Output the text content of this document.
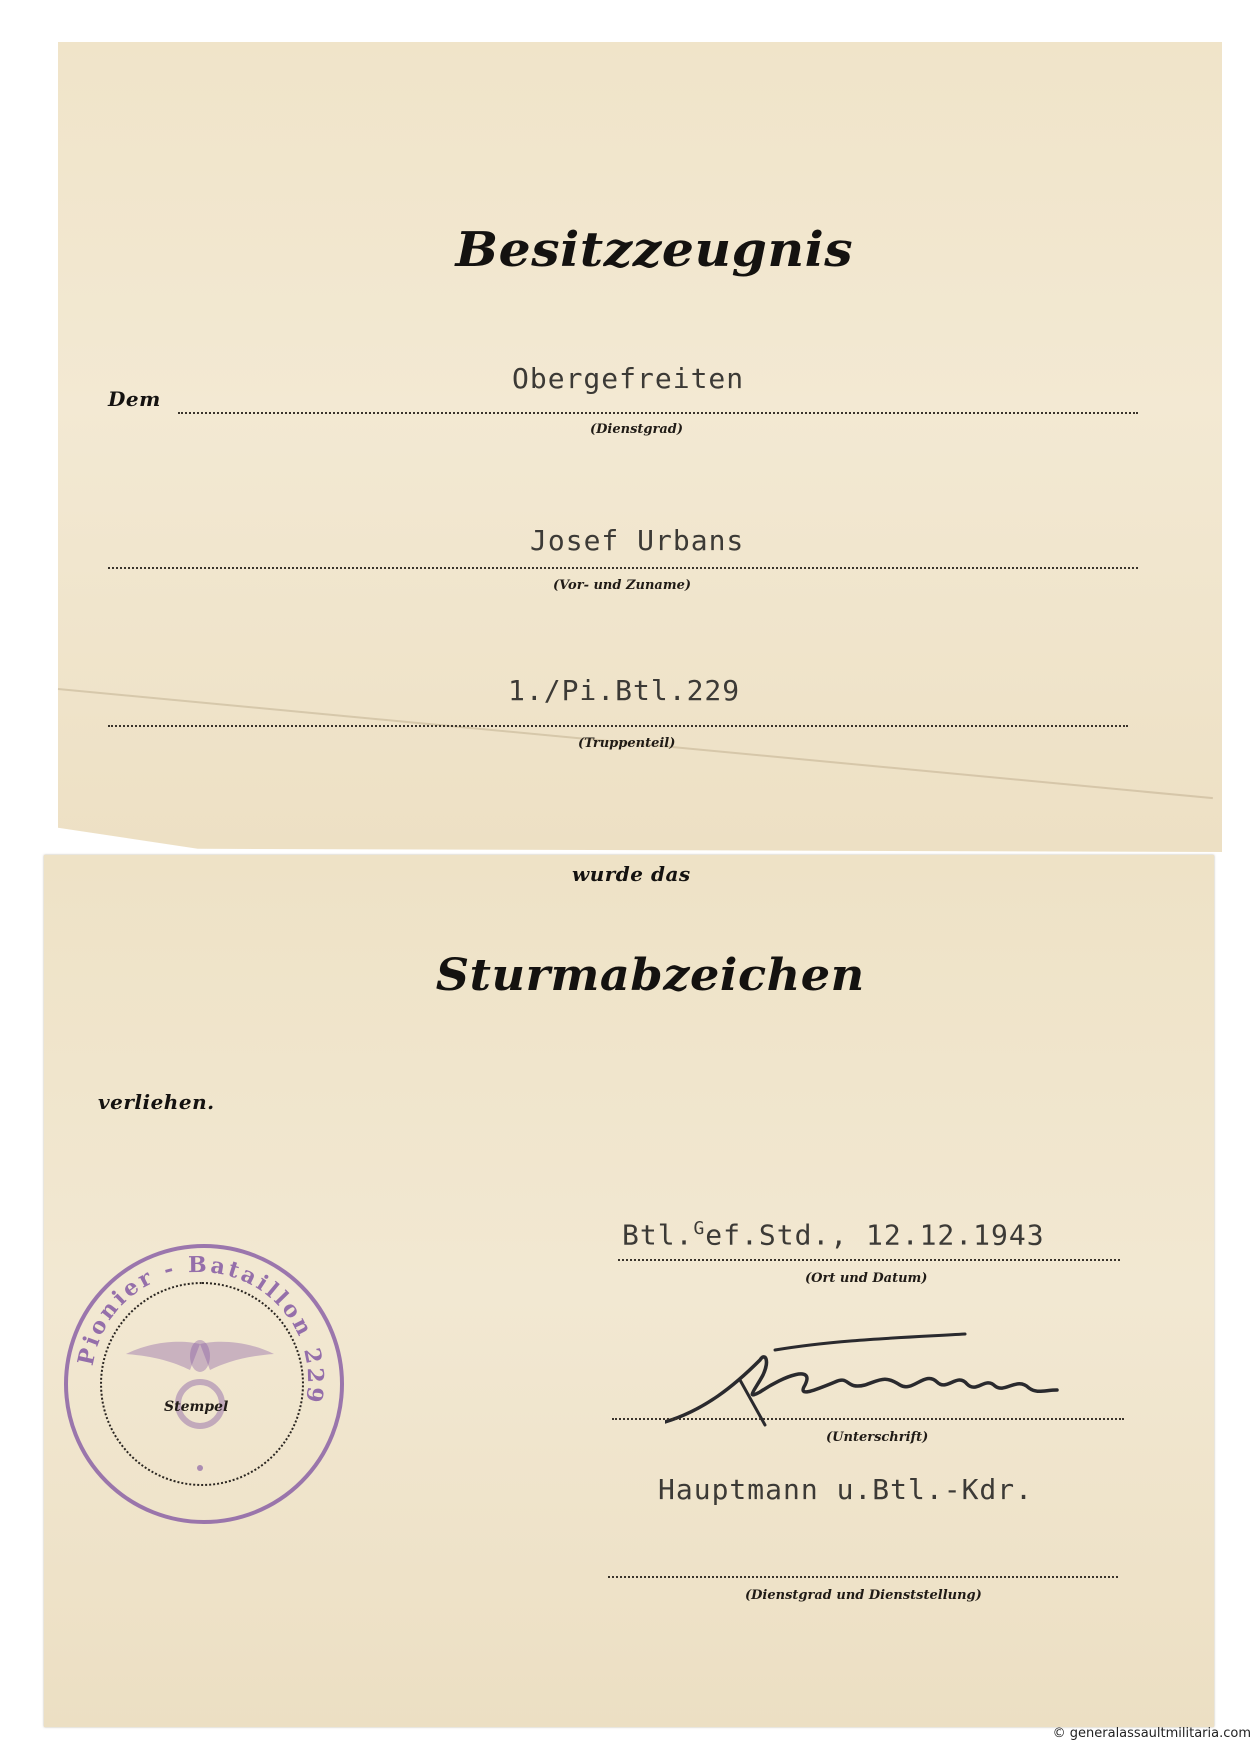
Besitzzeugnis
Dem
Obergefreiten
(Dienstgrad)
Josef Urbans
(Vor- und Zuname)
1./Pi.Btl.229
(Truppenteil)
wurde das
Sturmabzeichen
verliehen.
Btl.$^G$ef.Std., 12.12.1943
(Ort und Datum)
(Unterschrift)
Hauptmann u.Btl.-Kdr.
(Dienstgrad und Dienststellung)
Pionier - Bataillon 229
Stempel
© generalassaultmilitaria.com
